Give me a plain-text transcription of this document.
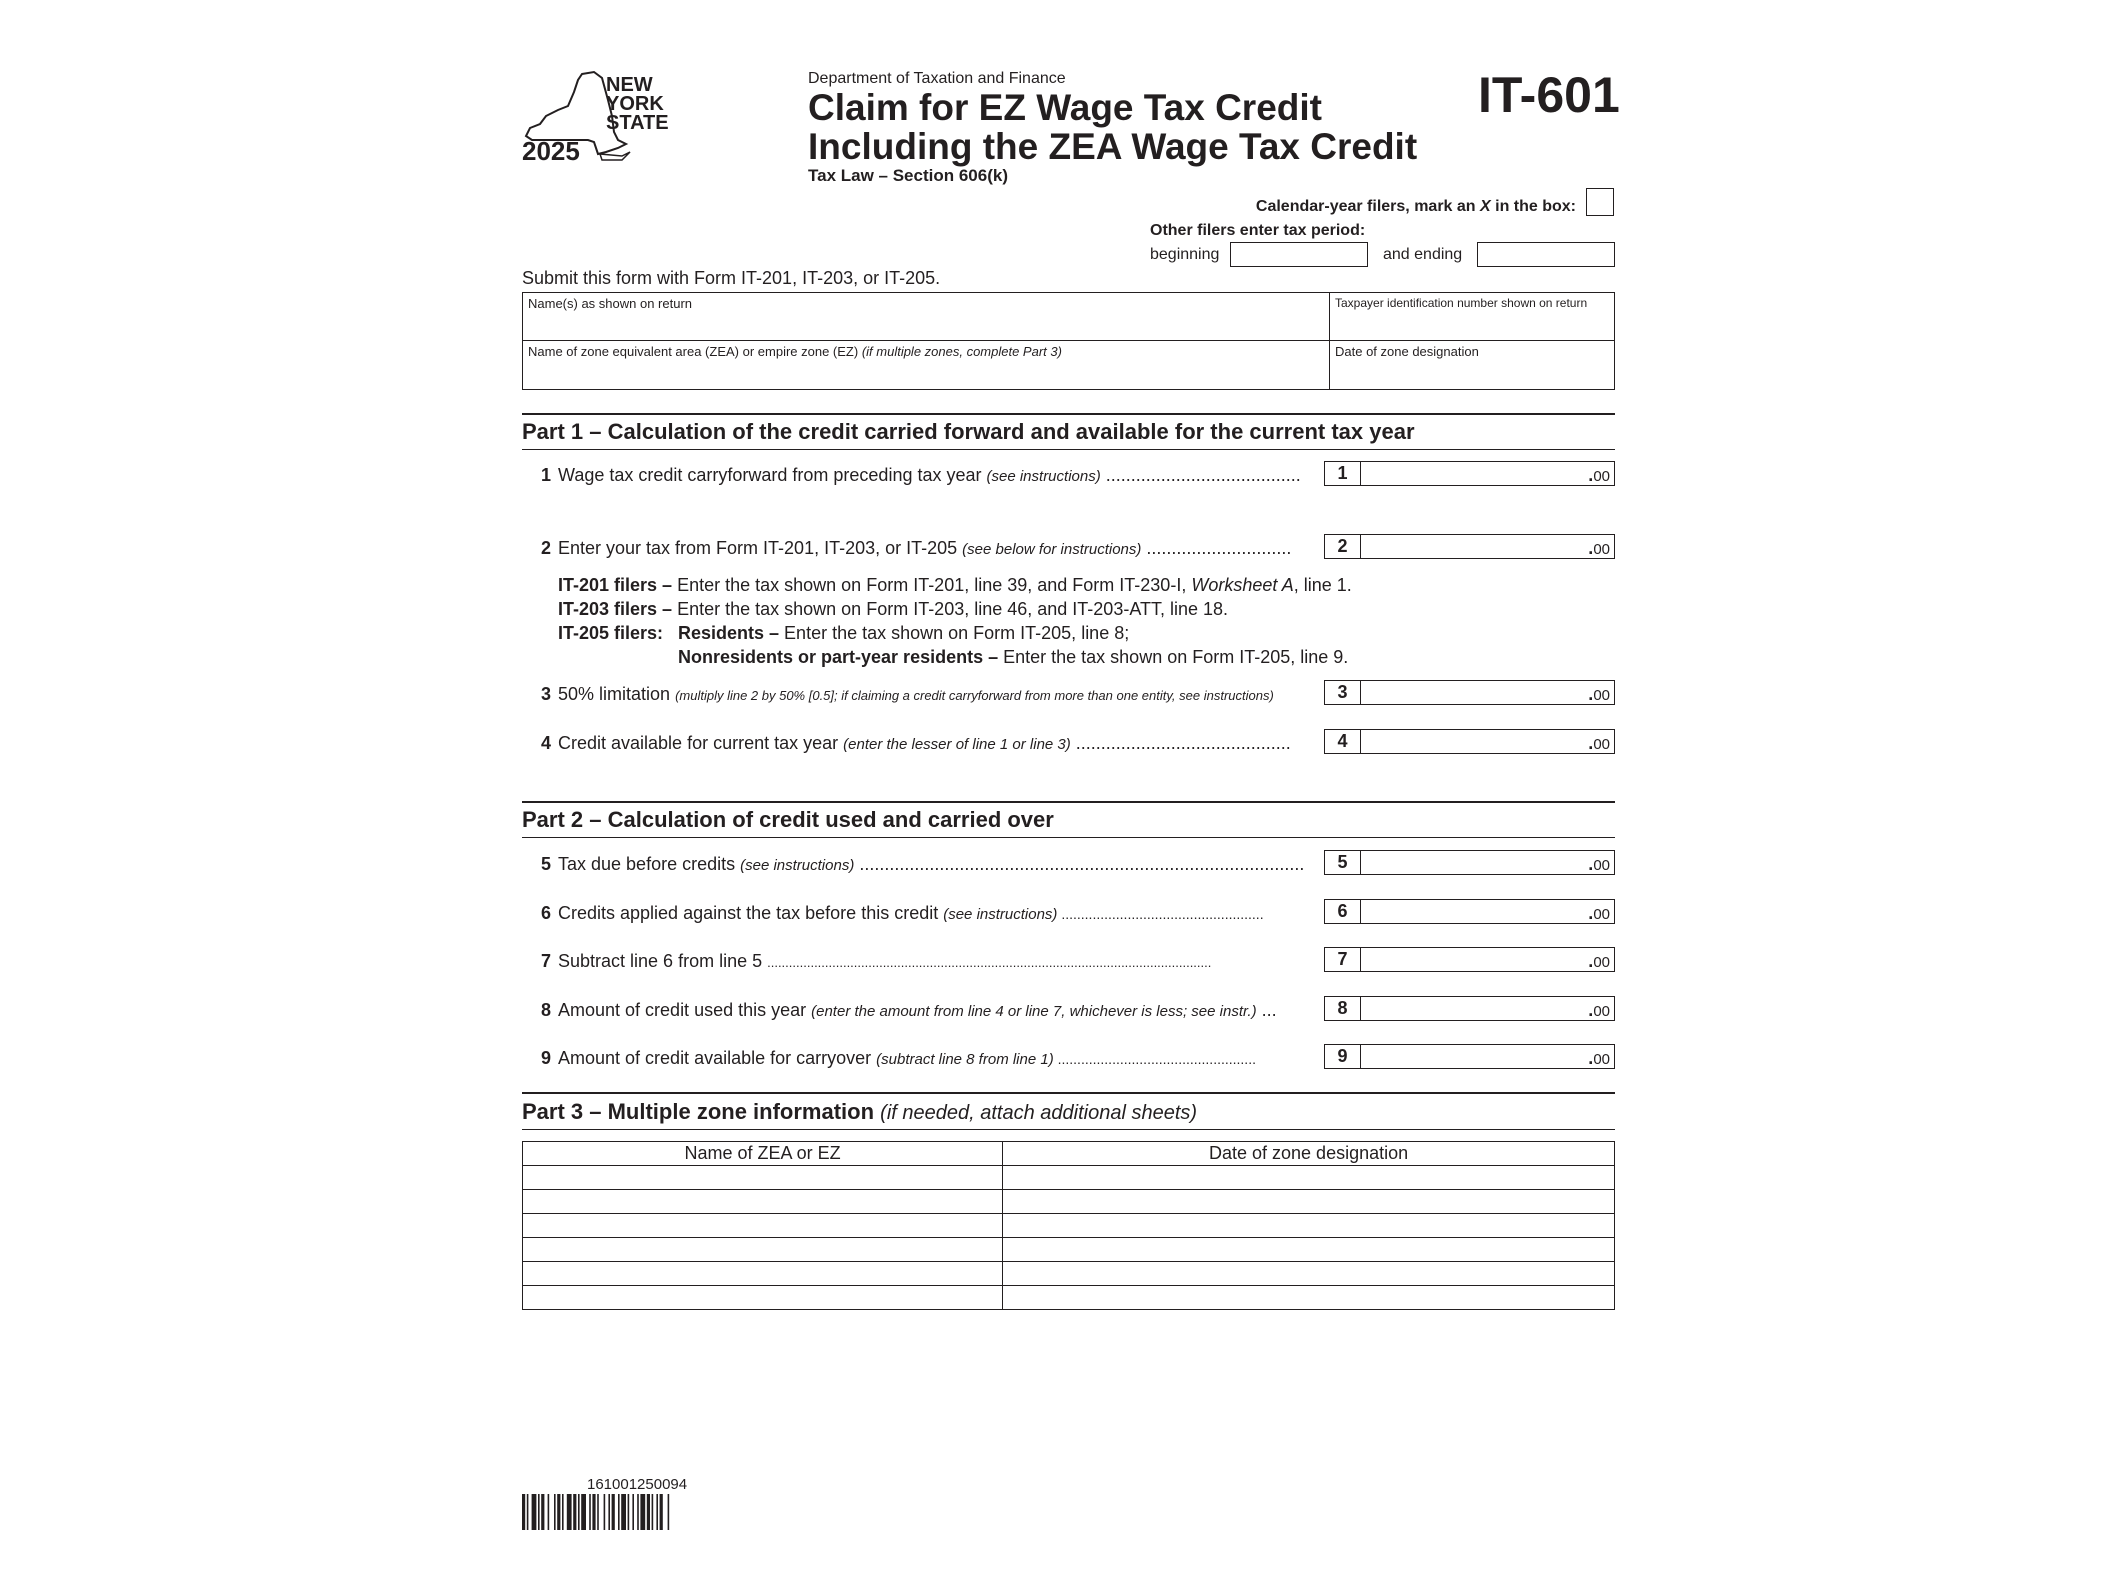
NEW
YORK
STATE
2025
Department of Taxation and Finance
Claim for EZ Wage Tax Credit
Including the ZEA Wage Tax Credit
Tax Law – Section 606(k)
IT-601
Calendar-year filers, mark an X in the box:
Other filers enter tax period:
beginning	and ending
Submit this form with Form IT-201, IT-203, or IT-205.
Name(s) as shown on return	Taxpayer identification number shown on return
Name of zone equivalent area (ZEA) or empire zone (EZ) (if multiple zones, complete Part 3)	Date of zone designation
Part 1 – Calculation of the credit carried forward and available for the current tax year
1 Wage tax credit carryforward from preceding tax year (see instructions) .......................................	1	.00
2 Enter your tax from Form IT-201, IT-203, or IT-205 (see below for instructions) .............................	2	.00
IT-201 filers – Enter the tax shown on Form IT-201, line 39, and Form IT-230-I, Worksheet A, line 1.
IT-203 filers – Enter the tax shown on Form IT-203, line 46, and IT-203-ATT, line 18.
IT-205 filers: Residents – Enter the tax shown on Form IT-205, line 8;
Nonresidents or part-year residents – Enter the tax shown on Form IT-205, line 9.
3 50% limitation (multiply line 2 by 50% [0.5]; if claiming a credit carryforward from more than one entity, see instructions)	3	.00
4 Credit available for current tax year (enter the lesser of line 1 or line 3) ...........................................	4	.00
Part 2 – Calculation of credit used and carried over
5 Tax due before credits (see instructions) .........................................................................................	5	.00
6 Credits applied against the tax before this credit (see instructions) ....................................................	6	.00
7 Subtract line 6 from line 5 ...........................................................................................................................	7	.00
8 Amount of credit used this year (enter the amount from line 4 or line 7, whichever is less; see instr.) ...	8	.00
9 Amount of credit available for carryover (subtract line 8 from line 1) ...................................................	9	.00
Part 3 – Multiple zone information (if needed, attach additional sheets)
Name of ZEA or EZ	Date of zone designation

161001250094
